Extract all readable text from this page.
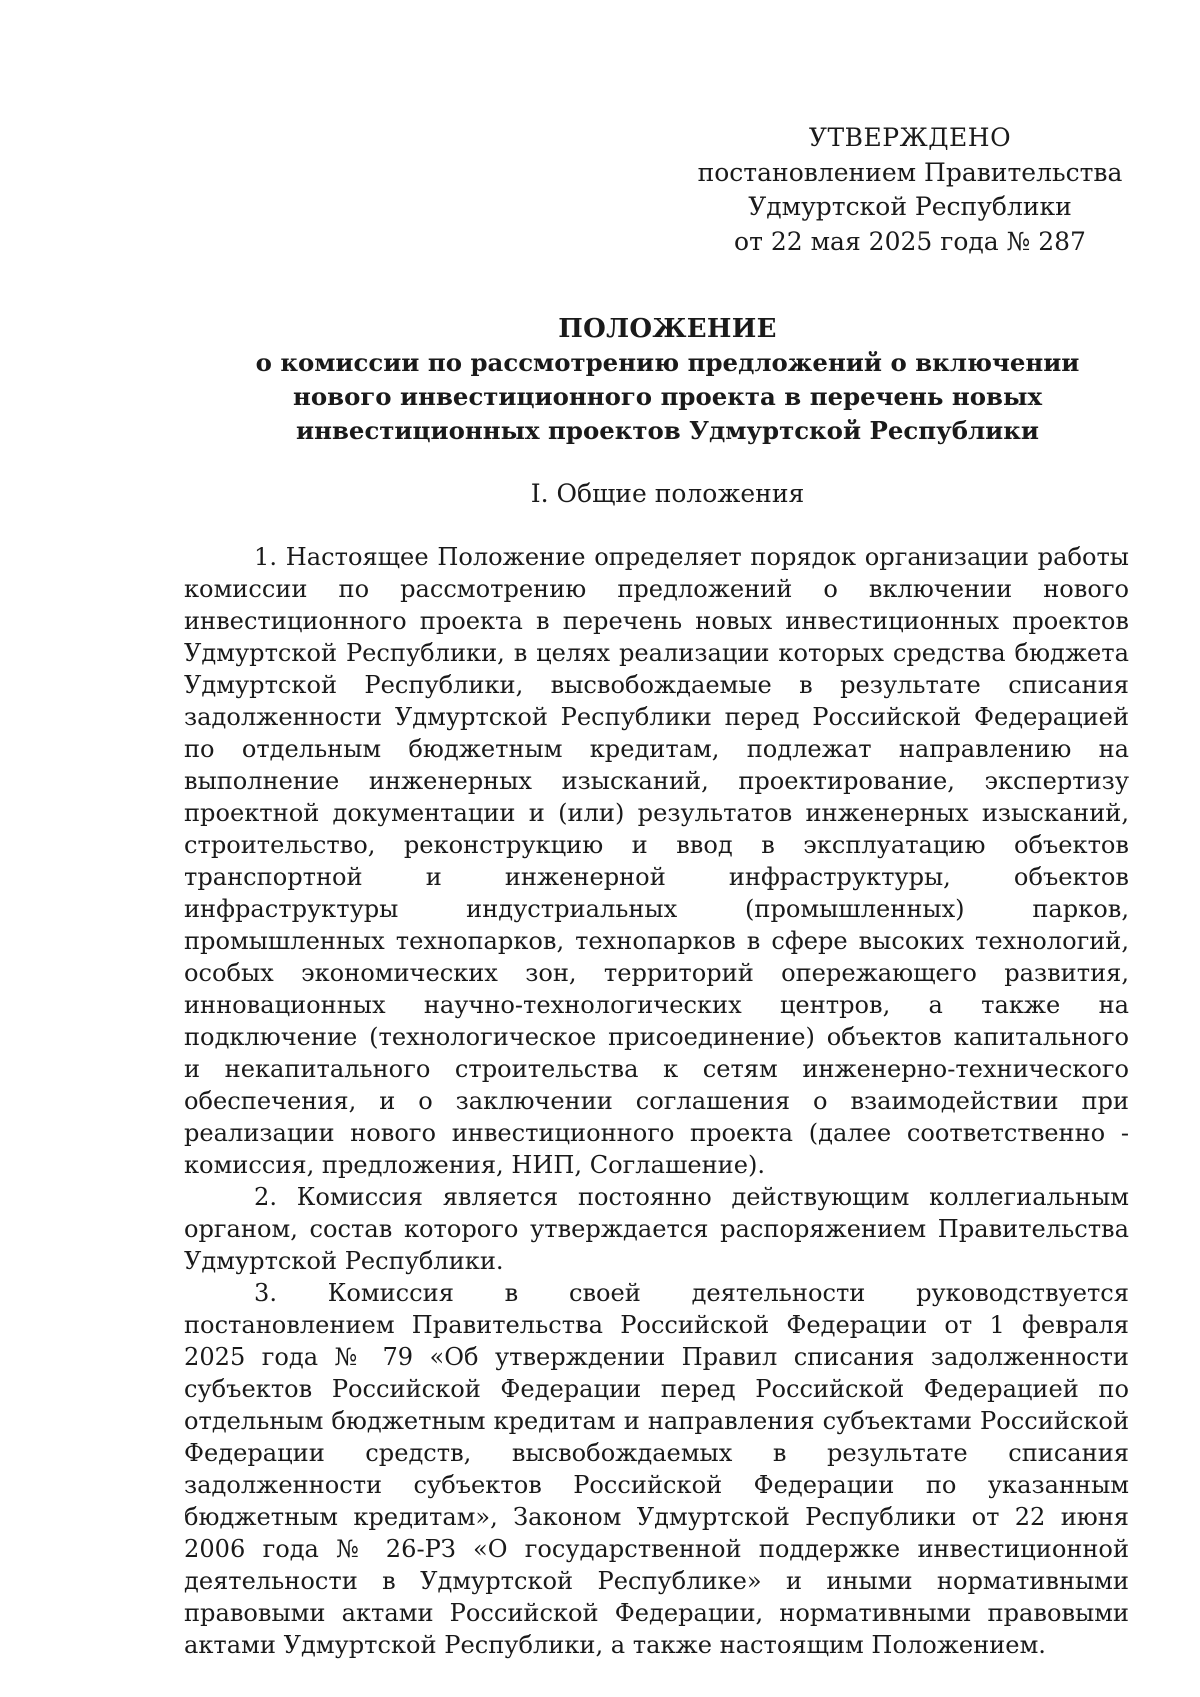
УТВЕРЖДЕНО
постановлением Правительства
Удмуртской Республики
от 22 мая 2025 года № 287
ПОЛОЖЕНИЕ
о комиссии по рассмотрению предложений о включении
нового инвестиционного проекта в перечень новых
инвестиционных проектов Удмуртской Республики
I. Общие положения

1. Настоящее Положение определяет порядок организации работы комиссии по рассмотрению предложений о включении нового инвестиционного проекта в перечень новых инвестиционных проектов Удмуртской Республики, в целях реализации которых средства бюджета Удмуртской Республики, высвобождаемые в результате списания задолженности Удмуртской Республики перед Российской Федерацией по отдельным бюджетным кредитам, подлежат направлению на выполнение инженерных изысканий, проектирование, экспертизу проектной документации и (или) результатов инженерных изысканий, строительство, реконструкцию и ввод в эксплуатацию объектов транспортной и инженерной инфраструктуры, объектов инфраструктуры индустриальных (промышленных) парков, промышленных технопарков, технопарков в сфере высоких технологий, особых экономических зон, территорий опережающего развития, инновационных научно-технологических центров, а также на подключение (технологическое присоединение) объектов капитального и некапитального строительства к сетям инженерно-технического обеспечения, и о заключении соглашения о взаимодействии при реализации нового инвестиционного проекта (далее соответственно - комиссия, предложения, НИП, Соглашение).

2. Комиссия является постоянно действующим коллегиальным органом, состав которого утверждается распоряжением Правительства Удмуртской Республики.

3. Комиссия в своей деятельности руководствуется постановлением Правительства Российской Федерации от 1 февраля 2025 года № 79 «Об утверждении Правил списания задолженности субъектов Российской Федерации перед Российской Федерацией по отдельным бюджетным кредитам и направления субъектами Российской Федерации средств, высвобождаемых в результате списания задолженности субъектов Российской Федерации по указанным бюджетным кредитам», Законом Удмуртской Республики от 22 июня 2006 года № 26-РЗ «О государственной поддержке инвестиционной деятельности в Удмуртской Республике» и иными нормативными правовыми актами Российской Федерации, нормативными правовыми актами Удмуртской Республики, а также настоящим Положением.
